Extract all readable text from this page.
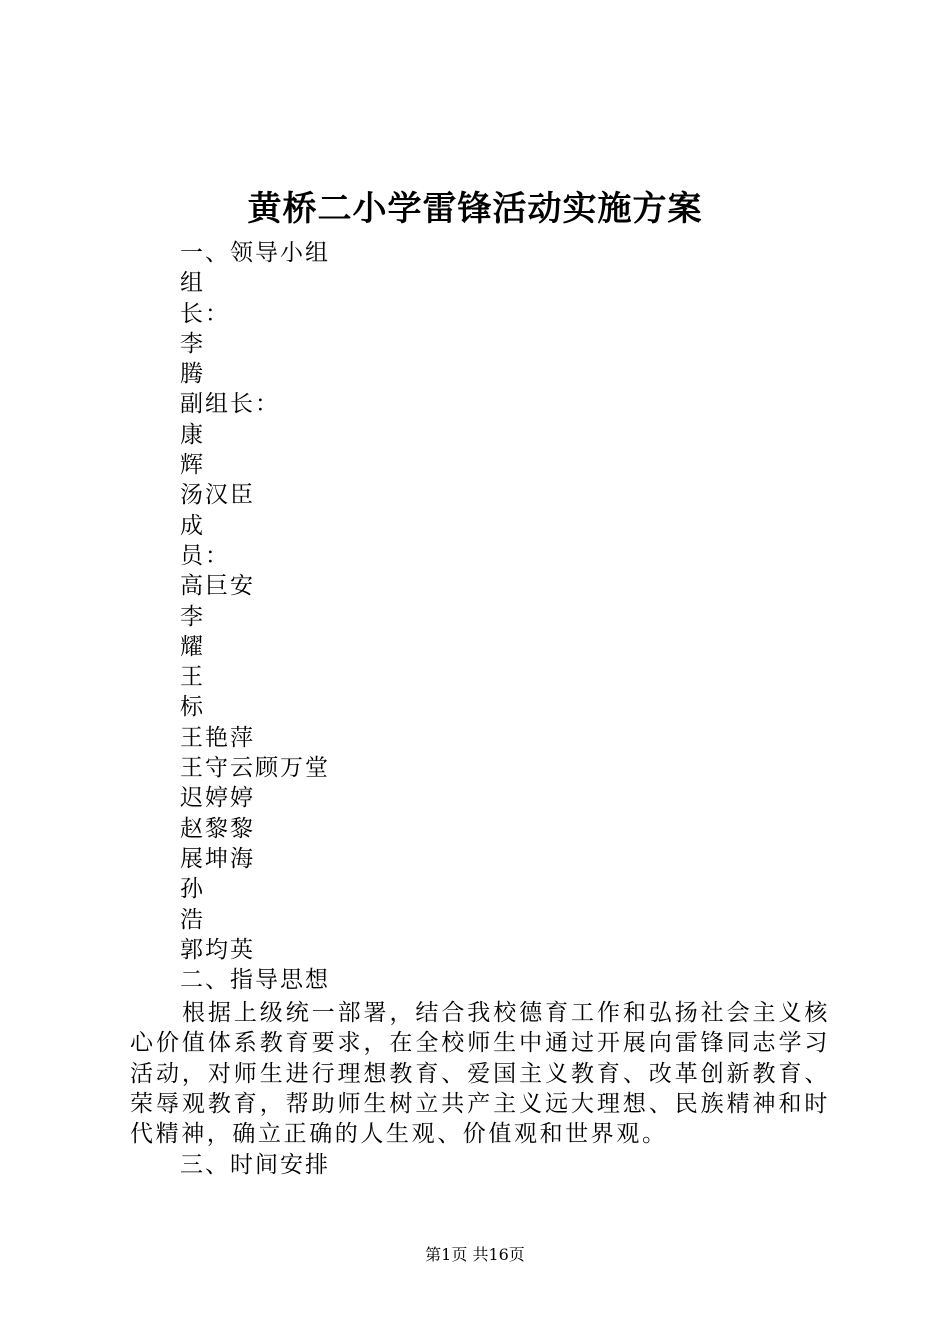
黄桥二小学雷锋活动实施方案
一、领导小组
组
长：
李
腾
副组长：
康
辉
汤汉臣
成
员：
高巨安
李
耀
王
标
王艳萍
王守云顾万堂
迟婷婷
赵黎黎
展坤海
孙
浩
郭均英
二、指导思想
根据上级统一部署，结合我校德育工作和弘扬社会主义核心价值体系教育要求，在全校师生中通过开展向雷锋同志学习活动，对师生进行理想教育、爱国主义教育、改革创新教育、荣辱观教育，帮助师生树立共产主义远大理想、民族精神和时代精神，确立正确的人生观、价值观和世界观。
三、时间安排
第1页 共16页
